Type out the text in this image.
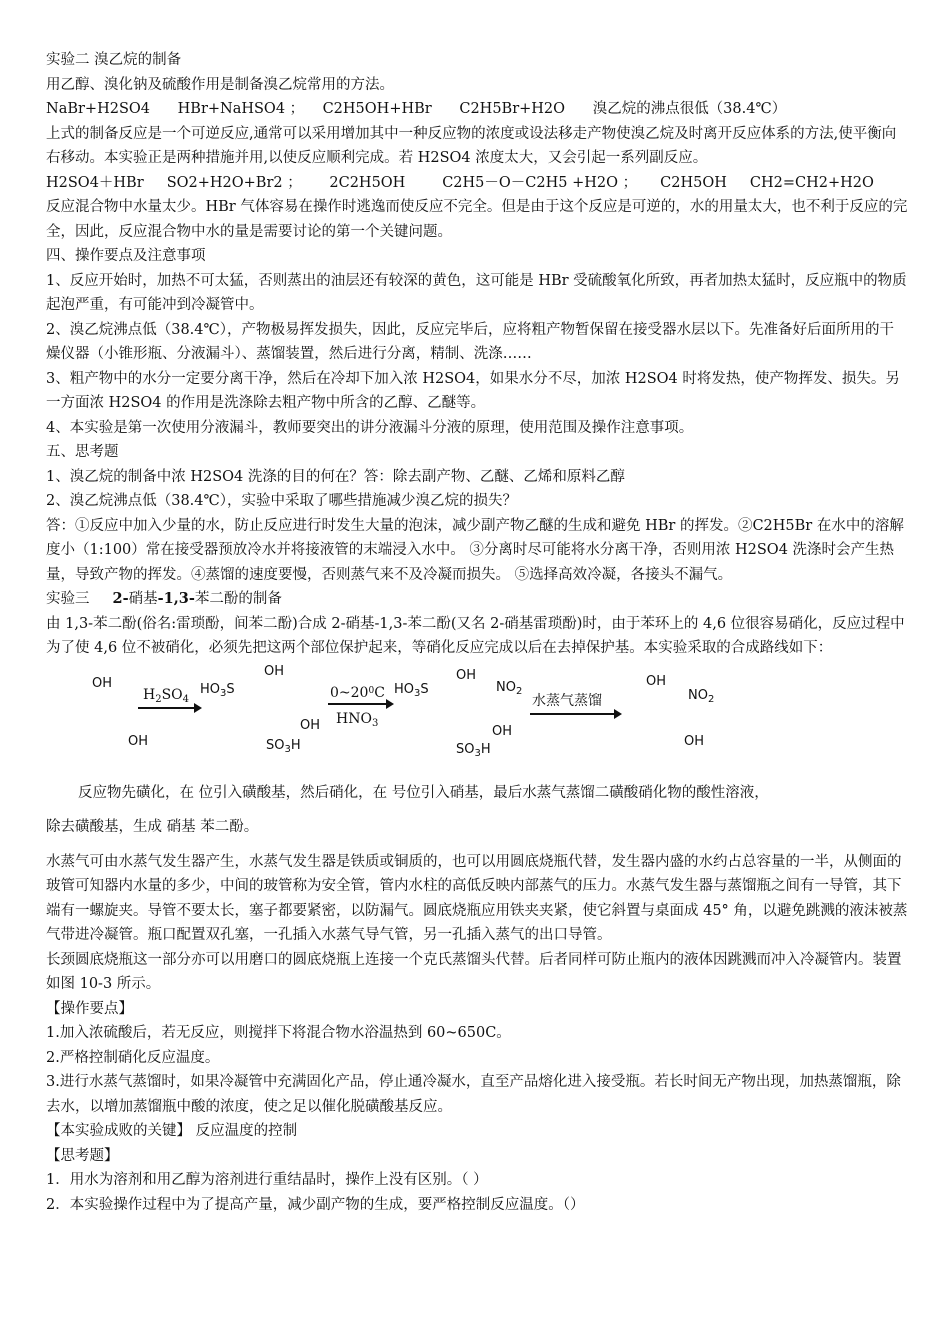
实验二 溴乙烷的制备

用乙醇、溴化钠及硫酸作用是制备溴乙烷常用的方法。

NaBr+H2SO4      HBr+NaHSO4 ；    C2H5OH+HBr      C2H5Br+H2O      溴乙烷的沸点很低（38.4℃）

上式的制备反应是一个可逆反应,通常可以采用增加其中一种反应物的浓度或设法移走产物使溴乙烷及时离开反应体系的方法,使平衡向右移动。本实验正是两种措施并用,以使反应顺利完成。若 H2SO4 浓度太大，又会引起一系列副反应。

H2SO4＋HBr     SO2+H2O+Br2 ；      2C2H5OH        C2H5－O－C2H5 +H2O ；     C2H5OH     CH2=CH2+H2O

反应混合物中水量太少。HBr 气体容易在操作时逃逸而使反应不完全。但是由于这个反应是可逆的，水的用量太大，也不利于反应的完全，因此，反应混合物中水的量是需要讨论的第一个关键问题。

四、操作要点及注意事项

1、反应开始时，加热不可太猛，否则蒸出的油层还有较深的黄色，这可能是 HBr 受硫酸氧化所致，再者加热太猛时，反应瓶中的物质起泡严重，有可能冲到冷凝管中。

2、溴乙烷沸点低（38.4℃），产物极易挥发损失，因此，反应完毕后，应将粗产物暂保留在接受器水层以下。先准备好后面所用的干燥仪器（小锥形瓶、分液漏斗）、蒸馏装置，然后进行分离，精制、洗涤……

3、粗产物中的水分一定要分离干净，然后在冷却下加入浓 H2SO4，如果水分不尽，加浓 H2SO4 时将发热，使产物挥发、损失。另一方面浓 H2SO4 的作用是洗涤除去粗产物中所含的乙醇、乙醚等。

4、本实验是第一次使用分液漏斗，教师要突出的讲分液漏斗分液的原理，使用范围及操作注意事项。

五、思考题

1、溴乙烷的制备中浓 H2SO4 洗涤的目的何在？答：除去副产物、乙醚、乙烯和原料乙醇

2、溴乙烷沸点低（38.4℃），实验中采取了哪些措施减少溴乙烷的损失？

答：①反应中加入少量的水，防止反应进行时发生大量的泡沫，减少副产物乙醚的生成和避免 HBr 的挥发。②C2H5Br 在水中的溶解度小（1:100）常在接受器预放冷水并将接液管的末端浸入水中。 ③分离时尽可能将水分离干净，否则用浓 H2SO4 洗涤时会产生热量，导致产物的挥发。④蒸馏的速度要慢，否则蒸气来不及冷凝而损失。 ⑤选择高效冷凝，各接头不漏气。

实验三 2-硝基-1,3-苯二酚的制备

由 1,3-苯二酚(俗名:雷琐酚，间苯二酚)合成 2-硝基-1,3-苯二酚(又名 2-硝基雷琐酚)时，由于苯环上的 4,6 位很容易硝化，反应过程中为了使 4,6 位不被硝化，必须先把这两个部位保护起来，等硝化反应完成以后在去掉保护基。本实验采取的合成路线如下：

OH
OH
$H_2SO_4$
$HO_3S$
OH
OH
$SO_3H$
$0\sim 20^0C$
$HNO_3$
$HO_3S$
OH
$NO_2$
OH
$SO_3H$
水蒸气蒸馏
OH
$NO_2$
OH

反应物先磺化，在 位引入磺酸基，然后硝化，在 号位引入硝基，最后水蒸气蒸馏二磺酸硝化物的酸性溶液，

除去磺酸基，生成 硝基 苯二酚。

水蒸气可由水蒸气发生器产生，水蒸气发生器是铁质或铜质的，也可以用圆底烧瓶代替，发生器内盛的水约占总容量的一半，从侧面的玻管可知器内水量的多少，中间的玻管称为安全管，管内水柱的高低反映内部蒸气的压力。水蒸气发生器与蒸馏瓶之间有一导管，其下端有一螺旋夹。导管不要太长，塞子都要紧密，以防漏气。圆底烧瓶应用铁夹夹紧，使它斜置与桌面成 45° 角，以避免跳溅的液沫被蒸气带进冷凝管。瓶口配置双孔塞，一孔插入水蒸气导气管，另一孔插入蒸气的出口导管。

长颈圆底烧瓶这一部分亦可以用磨口的圆底烧瓶上连接一个克氏蒸馏头代替。后者同样可防止瓶内的液体因跳溅而冲入冷凝管内。装置如图 10-3 所示。

【操作要点】

1.加入浓硫酸后，若无反应，则搅拌下将混合物水浴温热到 60~650C。

2.严格控制硝化反应温度。

3.进行水蒸气蒸馏时，如果冷凝管中充满固化产品，停止通冷凝水，直至产品熔化进入接受瓶。若长时间无产物出现，加热蒸馏瓶，除去水，以增加蒸馏瓶中酸的浓度，使之足以催化脱磺酸基反应。

【本实验成败的关键】 反应温度的控制

【思考题】

1．用水为溶剂和用乙醇为溶剂进行重结晶时，操作上没有区别。（ ）

2．本实验操作过程中为了提高产量，减少副产物的生成，要严格控制反应温度。（）
